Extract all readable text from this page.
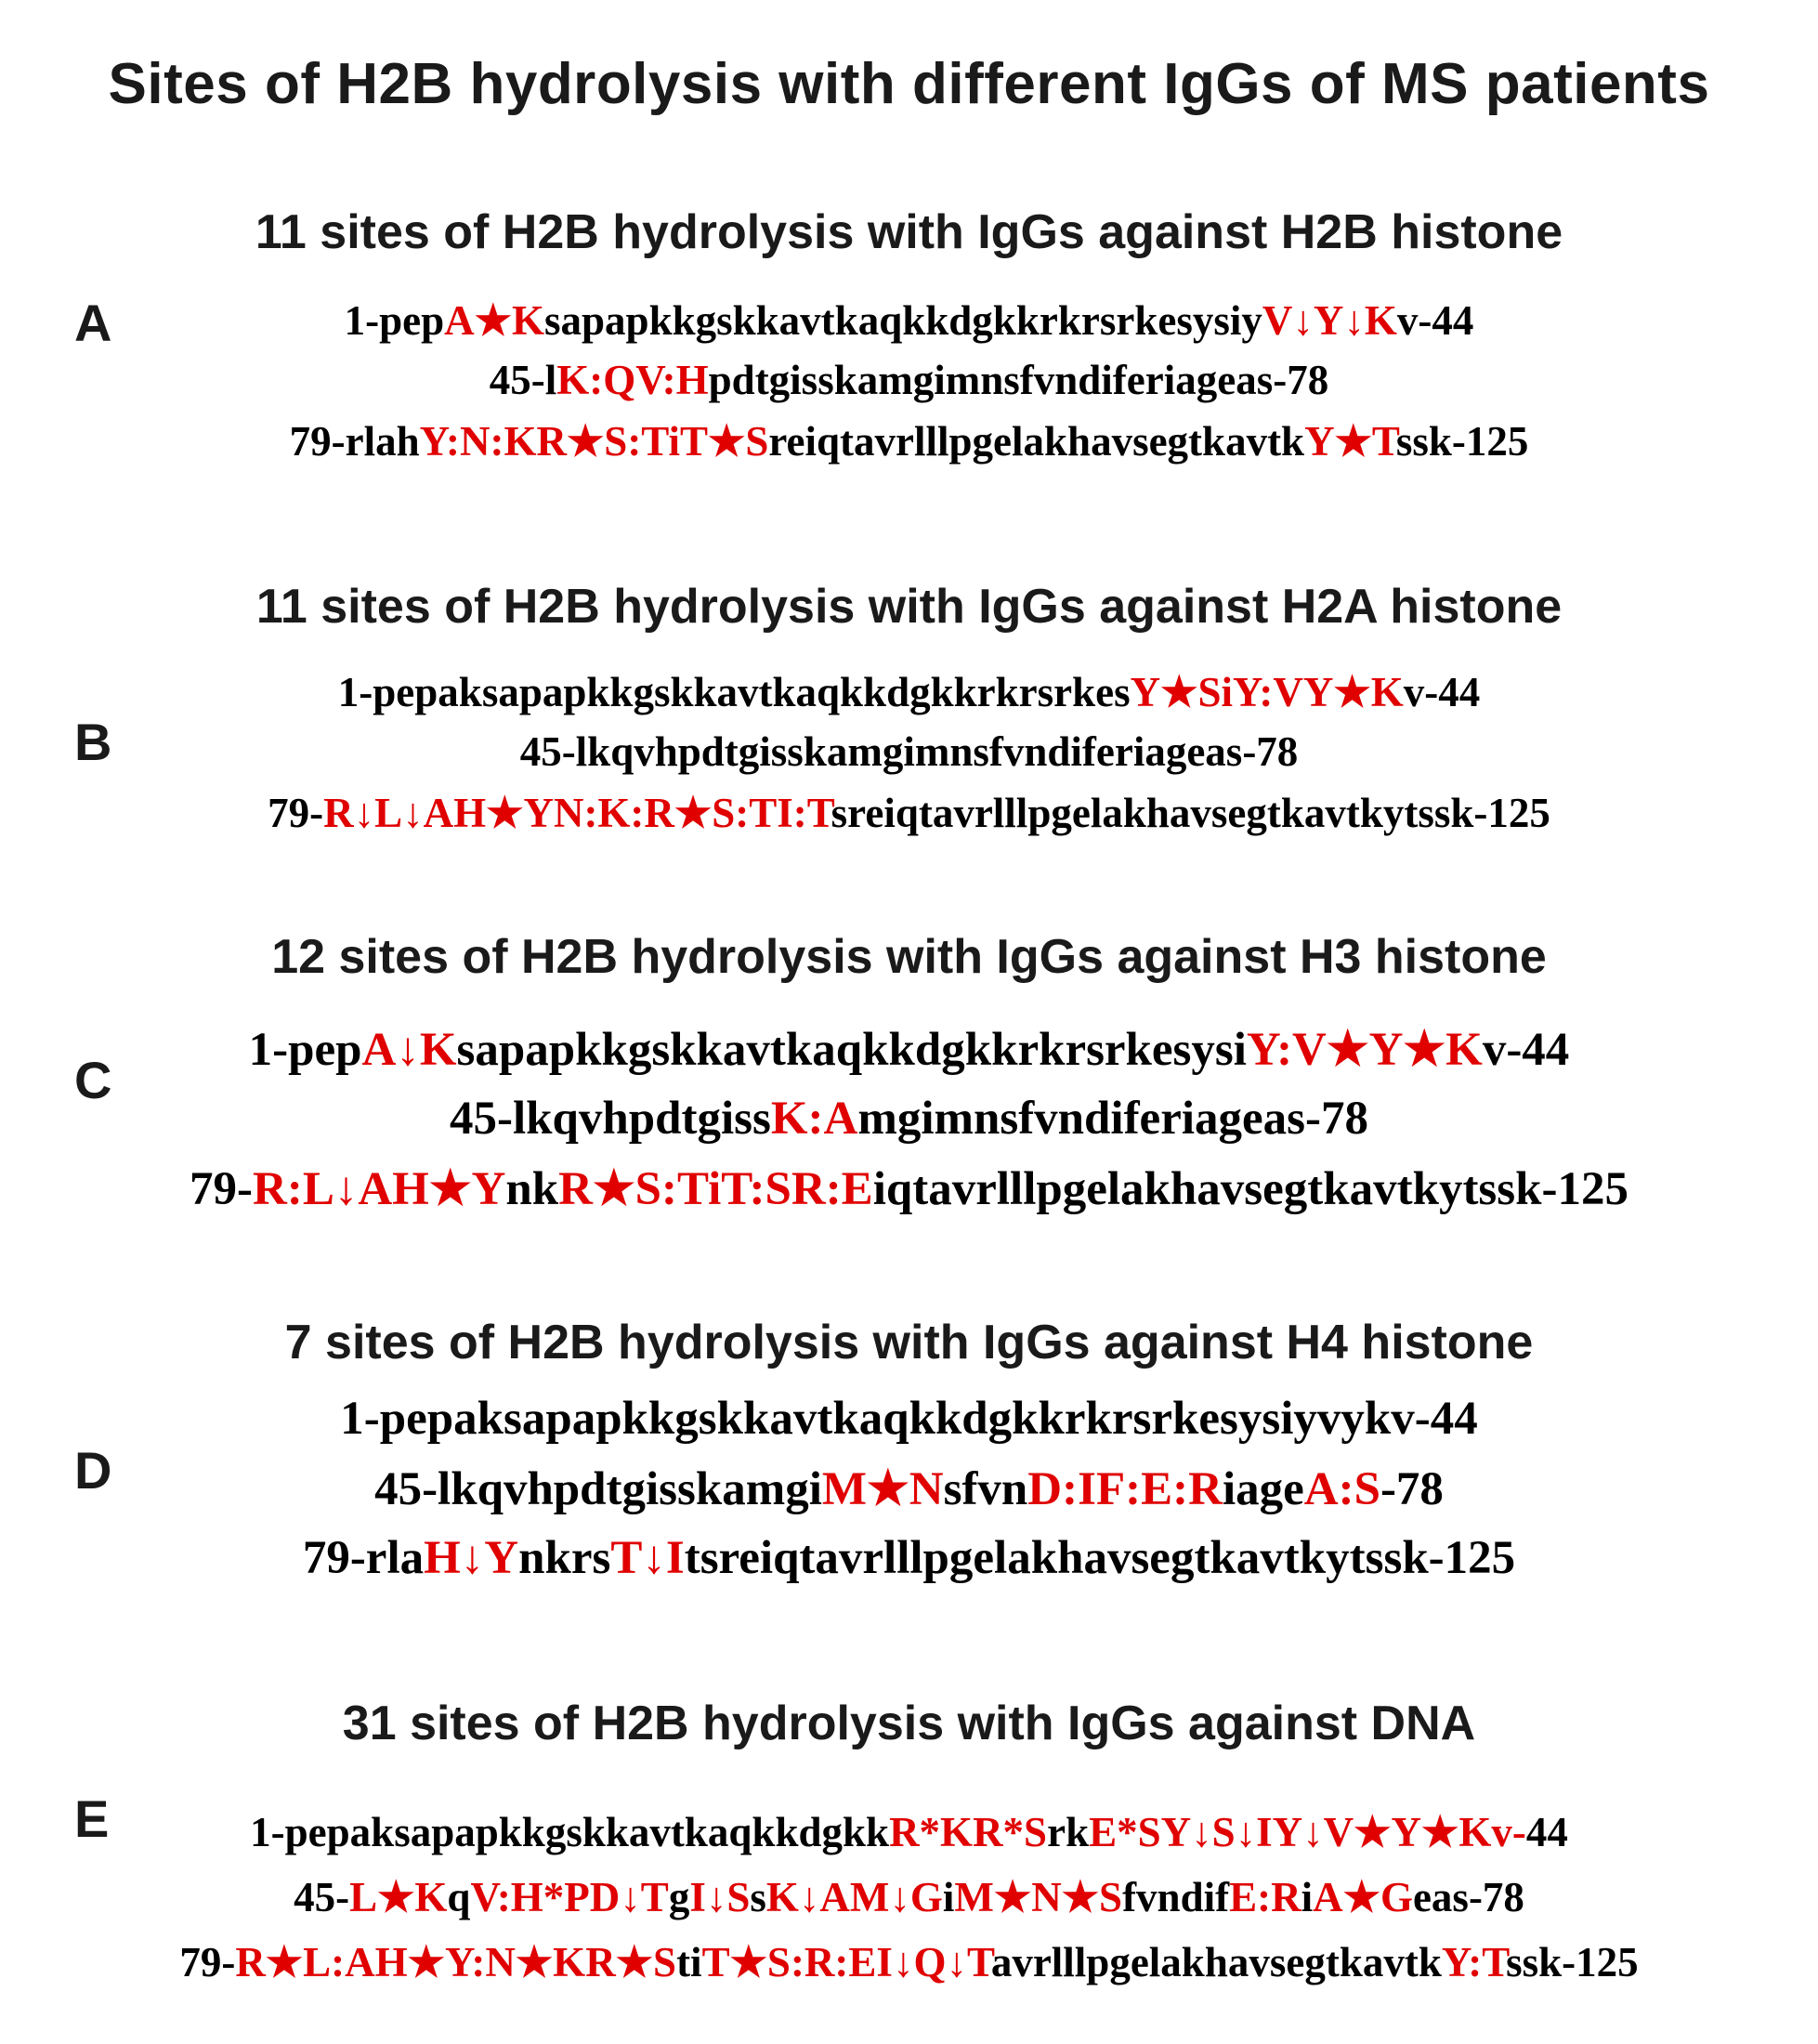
Sites of H2B hydrolysis with different IgGs of MS patients
11 sites of H2B hydrolysis with IgGs against H2B histone
A	1-pepA★KsapapkkgskkavtkaqkkdgkkrkrsrkesysiyV↓Y↓Kv-44
45-lK:QV:Hpdtgisskamgimnsfvndiferiageas-78
79-rlahY:N:KR★S:TiT★SreiqtavrlllpgelakhavsegtkavtkY★Tssk-125
11 sites of H2B hydrolysis with IgGs against H2A histone
B
1-pepaksapapkkgskkavtkaqkkdgkkrkrsrkesY★SiY:VY★Kv-44
45-lkqvhpdtgisskamgimnsfvndiferiageas-78
79-R↓L↓AH★YN:K:R★S:TI:Tsreiqtavrlllpgelakhavsegtkavtkytssk-125
12 sites of H2B hydrolysis with IgGs against H3 histone
C
1-pepA↓KsapapkkgskkavtkaqkkdgkkrkrsrkesysiY:V★Y★Kv-44
45-lkqvhpdtgissK:Amgimnsfvndiferiageas-78
79-R:L↓AH★YnkR★S:TiT:SR:Eiqtavrlllpgelakhavsegtkavtkytssk-125
7 sites of H2B hydrolysis with IgGs against H4 histone
D
1-pepaksapapkkgskkavtkaqkkdgkkrkrsrkesysiyvykv-44
45-lkqvhpdtgisskamgiM★NsfvnD:IF:E:RiageA:S-78
79-rlaH↓YnkrsT↓Itsreiqtavrlllpgelakhavsegtkavtkytssk-125
31 sites of H2B hydrolysis with IgGs against DNA
E	1-pepaksapapkkgskkavtkaqkkdgkkR*KR*SrkE*SY↓S↓IY↓V★Y★Kv-44
45-L★KqV:H*PD↓TgI↓SsK↓AM↓GiM★N★SfvndifE:RiA★Geas-78
79-R★L:AH★Y:N★KR★StiT★S:R:EI↓Q↓TavrlllpgelakhavsegtkavtkY:Tssk-125
